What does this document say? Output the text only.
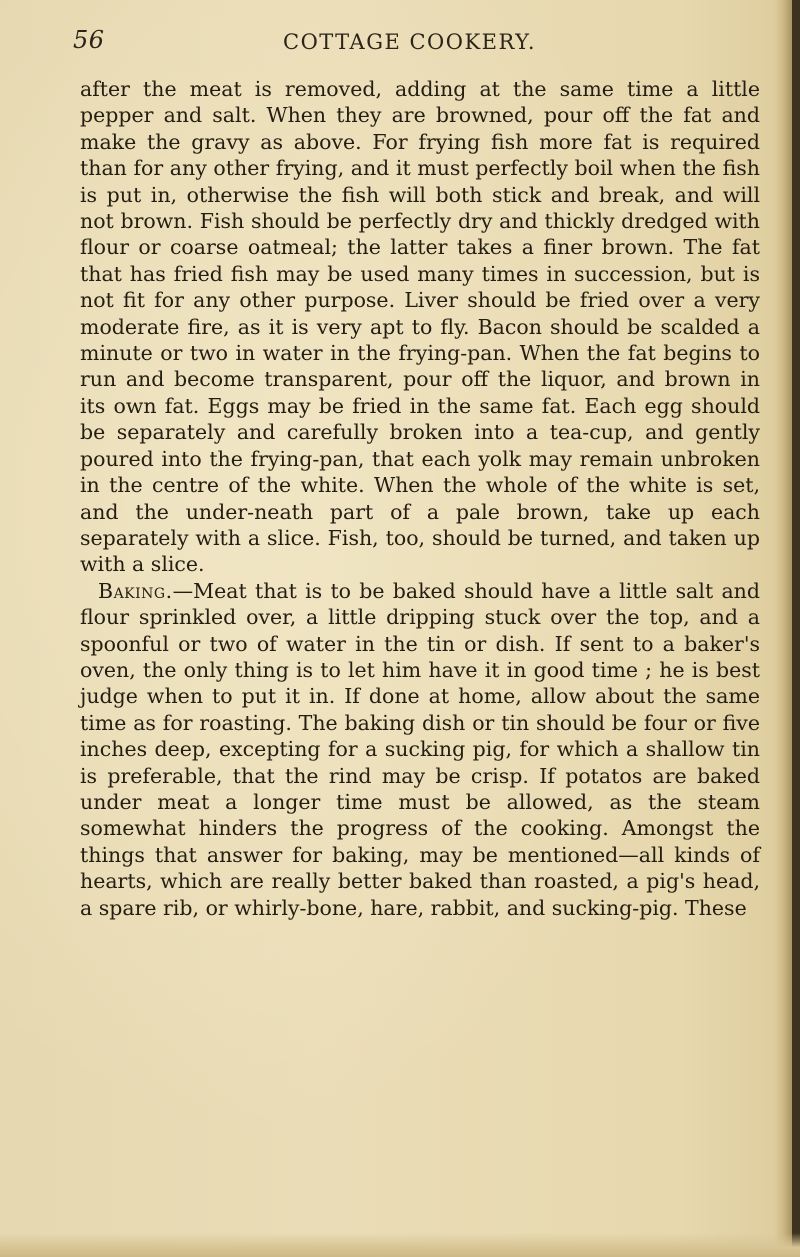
56	COTTAGE COOKERY.

after the meat is removed, adding at the same time a little pepper and salt. When they are browned, pour off the fat and make the gravy as above. For frying fish more fat is required than for any other frying, and it must perfectly boil when the fish is put in, otherwise the fish will both stick and break, and will not brown. Fish should be perfectly dry and thickly dredged with flour or coarse oatmeal; the latter takes a finer brown. The fat that has fried fish may be used many times in succession, but is not fit for any other purpose. Liver should be fried over a very moderate fire, as it is very apt to fly. Bacon should be scalded a minute or two in water in the frying-pan. When the fat begins to run and become transparent, pour off the liquor, and brown in its own fat. Eggs may be fried in the same fat. Each egg should be separately and carefully broken into a tea-cup, and gently poured into the frying-pan, that each yolk may remain unbroken in the centre of the white. When the whole of the white is set, and the under-neath part of a pale brown, take up each separately with a slice. Fish, too, should be turned, and taken up with a slice.

Baking.—Meat that is to be baked should have a little salt and flour sprinkled over, a little dripping stuck over the top, and a spoonful or two of water in the tin or dish. If sent to a baker's oven, the only thing is to let him have it in good time ; he is best judge when to put it in. If done at home, allow about the same time as for roasting. The baking dish or tin should be four or five inches deep, excepting for a sucking pig, for which a shallow tin is preferable, that the rind may be crisp. If potatos are baked under meat a longer time must be allowed, as the steam somewhat hinders the progress of the cooking. Amongst the things that answer for baking, may be mentioned—all kinds of hearts, which are really better baked than roasted, a pig's head, a spare rib, or whirly-bone, hare, rabbit, and sucking-pig. These
